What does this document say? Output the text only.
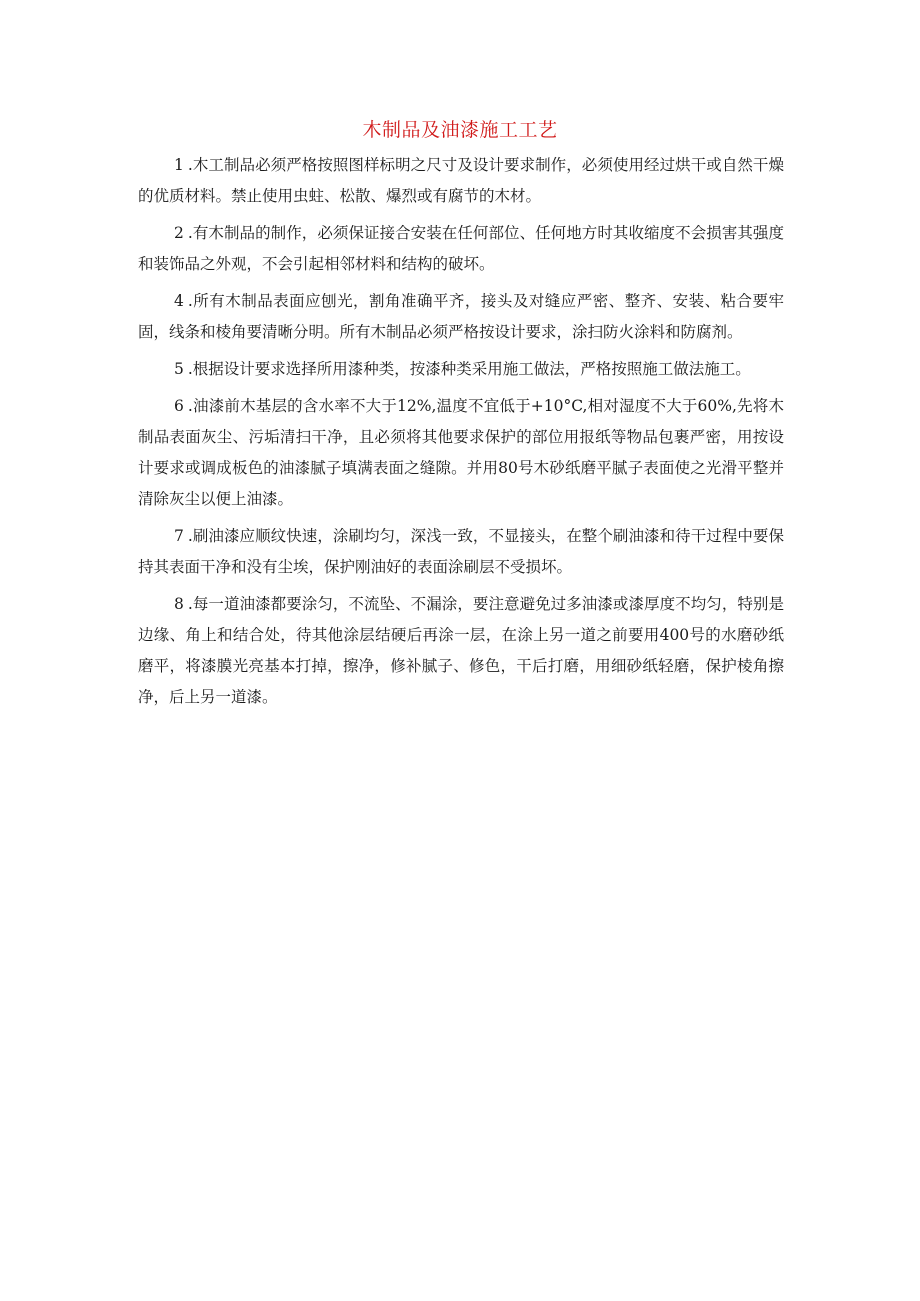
木制品及油漆施工工艺

1 .木工制品必须严格按照图样标明之尺寸及设计要求制作，必须使用经过烘干或自然干燥的优质材料。禁止使用虫蛀、松散、爆烈或有腐节的木材。

2 .有木制品的制作，必须保证接合安装在任何部位、任何地方时其收缩度不会损害其强度和装饰品之外观，不会引起相邻材料和结构的破坏。

4 .所有木制品表面应刨光，割角准确平齐，接头及对缝应严密、整齐、安装、粘合要牢固，线条和棱角要清晰分明。所有木制品必须严格按设计要求，涂扫防火涂料和防腐剂。

5 .根据设计要求选择所用漆种类，按漆种类采用施工做法，严格按照施工做法施工。

6 .油漆前木基层的含水率不大于12%,温度不宜低于+10°C,相对湿度不大于60%,先将木制品表面灰尘、污垢清扫干净，且必须将其他要求保护的部位用报纸等物品包裹严密，用按设计要求或调成板色的油漆腻子填满表面之缝隙。并用80号木砂纸磨平腻子表面使之光滑平整并清除灰尘以便上油漆。

7 .刷油漆应顺纹快速，涂刷均匀，深浅一致，不显接头，在整个刷油漆和待干过程中要保持其表面干净和没有尘埃，保护刚油好的表面涂刷层不受损坏。

8 .每一道油漆都要涂匀，不流坠、不漏涂，要注意避免过多油漆或漆厚度不均匀，特别是边缘、角上和结合处，待其他涂层结硬后再涂一层，在涂上另一道之前要用400号的水磨砂纸磨平，将漆膜光亮基本打掉，擦净，修补腻子、修色，干后打磨，用细砂纸轻磨，保护棱角擦净，后上另一道漆。
